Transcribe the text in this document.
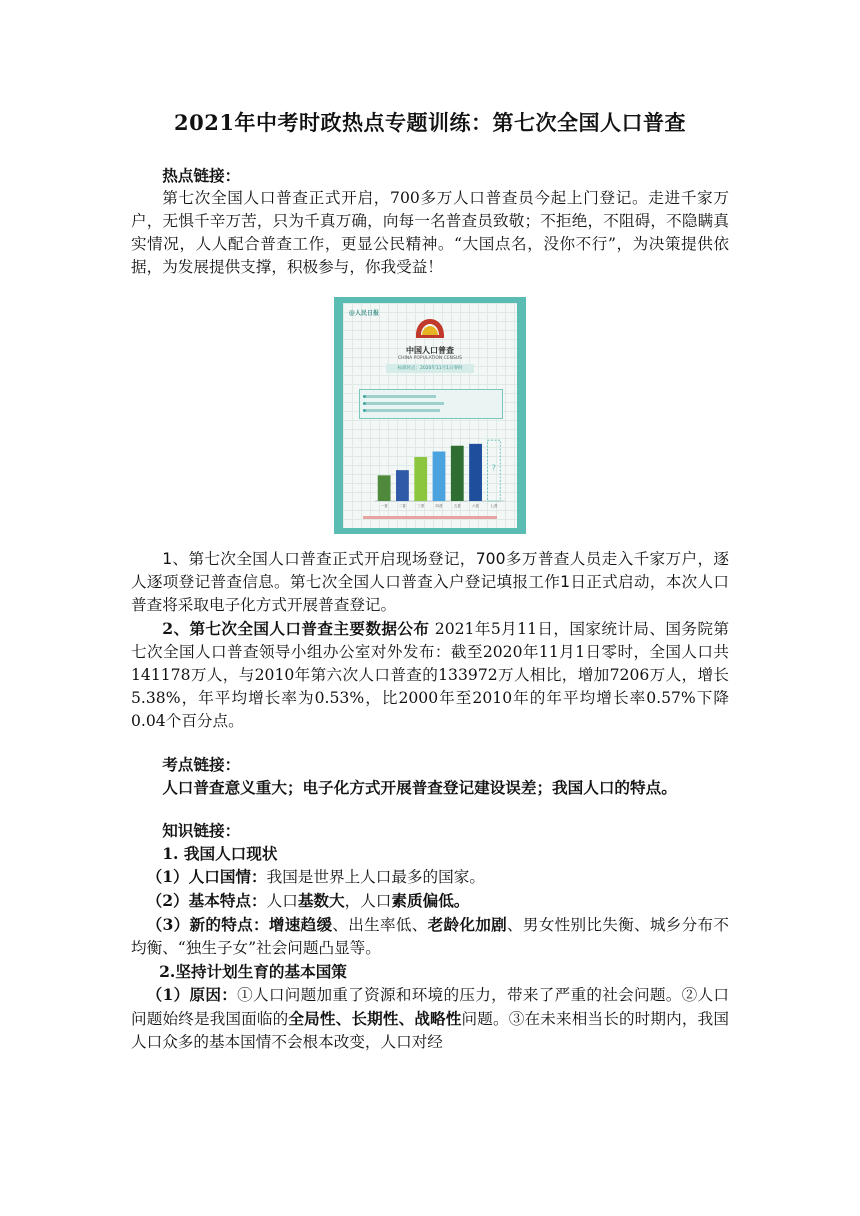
2021年中考时政热点专题训练：第七次全国人口普查

热点链接：

第七次全国人口普查正式开启，700多万人口普查员今起上门登记。走进千家万户，无惧千辛万苦，只为千真万确，向每一名普查员致敬；不拒绝，不阻碍，不隐瞒真实情况，人人配合普查工作，更显公民精神。“大国点名，没你不行”，为决策提供依据，为发展提供支撑，积极参与，你我受益！

@人民日报
中国人口普查
CHINA POPULATION CENSUS
标准时点：2020年11月1日零时
一普	二普	三普	四普	五普	六普
?
七普

1、第七次全国人口普查正式开启现场登记，700多万普查人员走入千家万户，逐人逐项登记普查信息。第七次全国人口普查入户登记填报工作1日正式启动，本次人口普查将采取电子化方式开展普查登记。

2、第七次全国人口普查主要数据公布 2021年5月11日，国家统计局、国务院第七次全国人口普查领导小组办公室对外发布：截至2020年11月1日零时，全国人口共141178万人，与2010年第六次人口普查的133972万人相比，增加7206万人，增长5.38%，年平均增长率为0.53%，比2000年至2010年的年平均增长率0.57%下降0.04个百分点。

考点链接：

人口普查意义重大；电子化方式开展普查登记建设误差；我国人口的特点。

知识链接：

1. 我国人口现状

（1）人口国情：我国是世界上人口最多的国家。

（2）基本特点：人口基数大，人口素质偏低。

（3）新的特点：增速趋缓、出生率低、老龄化加剧、男女性别比失衡、城乡分布不均衡、“独生子女”社会问题凸显等。

2.坚持计划生育的基本国策

（1）原因：①人口问题加重了资源和环境的压力，带来了严重的社会问题。②人口问题始终是我国面临的全局性、长期性、战略性问题。③在未来相当长的时期内，我国人口众多的基本国情不会根本改变，人口对经
